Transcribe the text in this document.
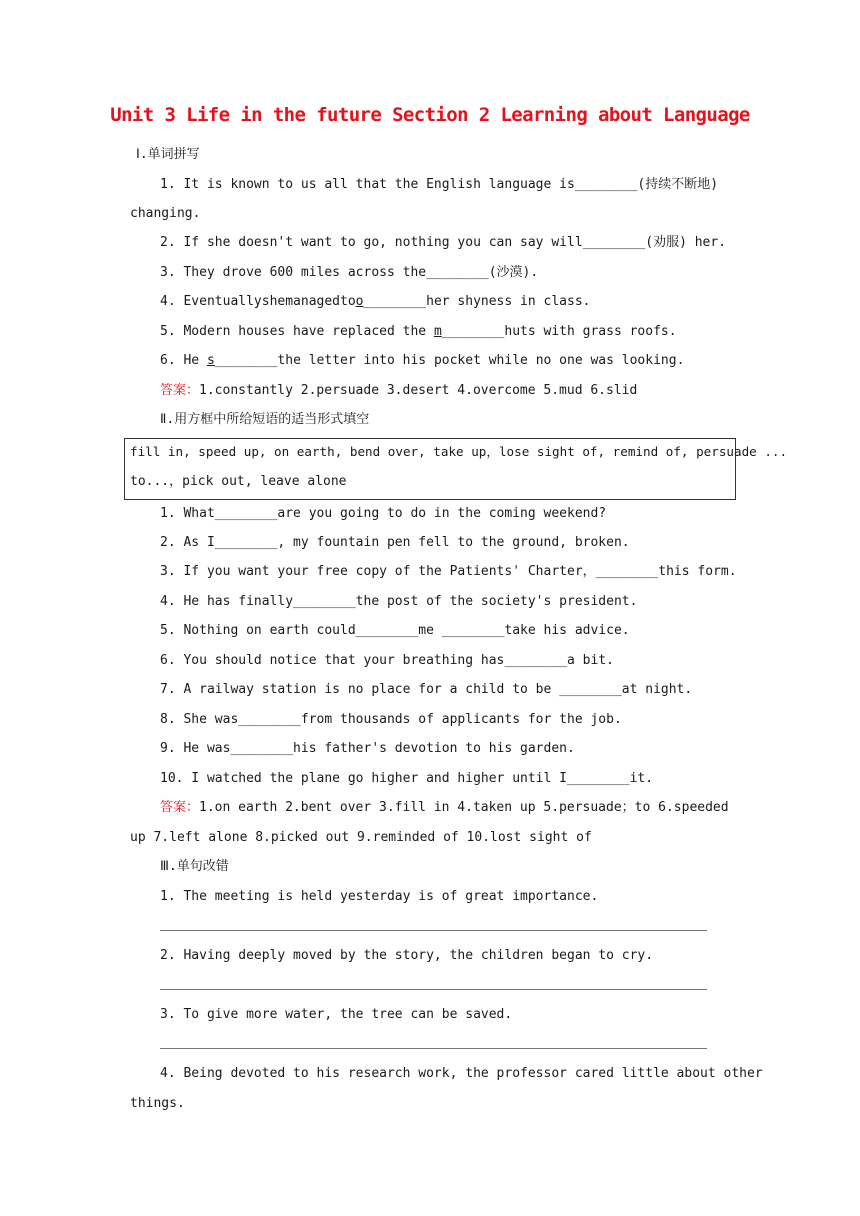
Unit 3 Life in the future Section 2 Learning about Language
Ⅰ.单词拼写
1. It is known to us all that the English language is________(持续不断地)
changing.
2. If she doesn't want to go, nothing you can say will________(劝服) her.
3. They drove 600 miles across the________(沙漠).
4. Eventuallyshemanagedtoo________her shyness in class.
5. Modern houses have replaced the m________huts with grass roofs.
6. He s________the letter into his pocket while no one was looking.
答案：1.constantly 2.persuade 3.desert 4.overcome 5.mud 6.slid
Ⅱ.用方框中所给短语的适当形式填空
fill in, speed up, on earth, bend over, take up，lose sight of, remind of, persuade ...
to...，pick out, leave alone
1. What________are you going to do in the coming weekend?
2. As I________, my fountain pen fell to the ground, broken.
3. If you want your free copy of the Patients' Charter，________this form.
4. He has finally________the post of the society's president.
5. Nothing on earth could________me ________take his advice.
6. You should notice that your breathing has________a bit.
7. A railway station is no place for a child to be ________at night.
8. She was________from thousands of applicants for the job.
9. He was________his father's devotion to his garden.
10. I watched the plane go higher and higher until I________it.
答案：1.on earth 2.bent over 3.fill in 4.taken up 5.persuade；to 6.speeded
up 7.left alone 8.picked out 9.reminded of 10.lost sight of
Ⅲ.单句改错
1. The meeting is held yesterday is of great importance.
2. Having deeply moved by the story, the children began to cry.
3. To give more water, the tree can be saved.
4. Being devoted to his research work, the professor cared little about other
things.
